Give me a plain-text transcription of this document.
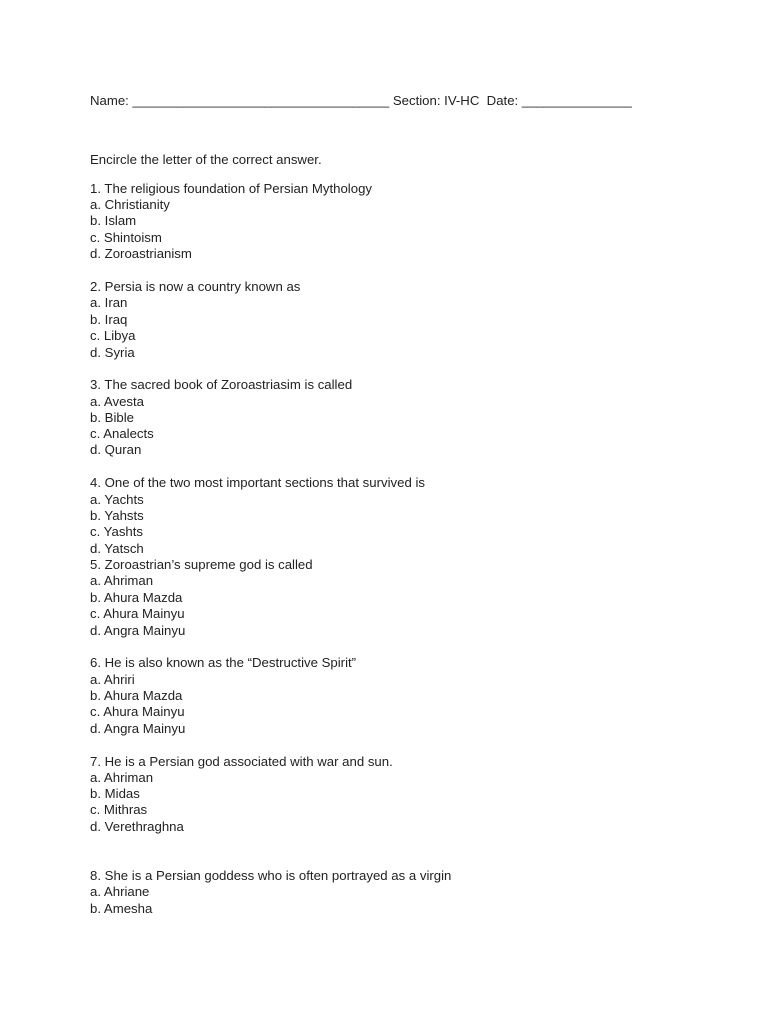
Name: ___________________________________ Section: IV-HC  Date: _______________
Encircle the letter of the correct answer.
1. The religious foundation of Persian Mythology
a. Christianity
b. Islam
c. Shintoism
d. Zoroastrianism
2. Persia is now a country known as
a. Iran
b. Iraq
c. Libya
d. Syria
3. The sacred book of Zoroastriasim is called
a. Avesta
b. Bible
c. Analects
d. Quran
4. One of the two most important sections that survived is
a. Yachts
b. Yahsts
c. Yashts
d. Yatsch
5. Zoroastrian’s supreme god is called
a. Ahriman
b. Ahura Mazda
c. Ahura Mainyu
d. Angra Mainyu
6. He is also known as the “Destructive Spirit”
a. Ahriri
b. Ahura Mazda
c. Ahura Mainyu
d. Angra Mainyu
7. He is a Persian god associated with war and sun.
a. Ahriman
b. Midas
c. Mithras
d. Verethraghna
8. She is a Persian goddess who is often portrayed as a virgin
a. Ahriane
b. Amesha
